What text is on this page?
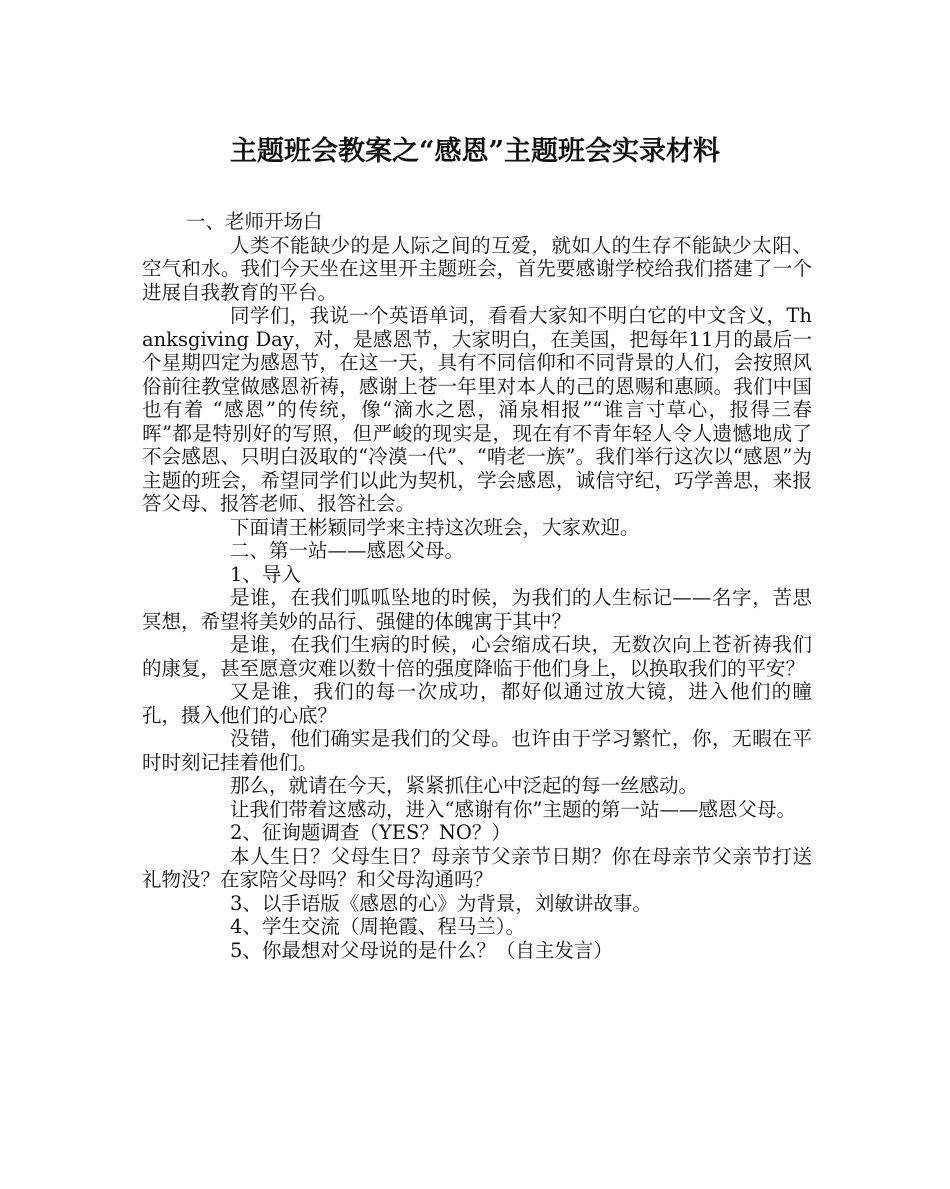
主题班会教案之“感恩”主题班会实录材料

一、老师开场白

人类不能缺少的是人际之间的互爱，就如人的生存不能缺少太阳、空气和水。我们今天坐在这里开主题班会，首先要感谢学校给我们搭建了一个进展自我教育的平台。

同学们，我说一个英语单词，看看大家知不明白它的中文含义，Thanksgiving Day，对，是感恩节，大家明白，在美国，把每年11月的最后一个星期四定为感恩节，在这一天，具有不同信仰和不同背景的人们，会按照风俗前往教堂做感恩祈祷，感谢上苍一年里对本人的己的恩赐和惠顾。我们中国也有着 “感恩”的传统，像“滴水之恩，涌泉相报”“谁言寸草心，报得三春晖”都是特别好的写照，但严峻的现实是，现在有不青年轻人令人遗憾地成了不会感恩、只明白汲取的“冷漠一代”、“啃老一族”。我们举行这次以“感恩”为主题的班会，希望同学们以此为契机，学会感恩，诚信守纪，巧学善思，来报答父母、报答老师、报答社会。

下面请王彬颖同学来主持这次班会，大家欢迎。

二、第一站——感恩父母。

1、导入

是谁，在我们呱呱坠地的时候，为我们的人生标记——名字，苦思冥想，希望将美妙的品行、强健的体魄寓于其中？

是谁，在我们生病的时候，心会缩成石块，无数次向上苍祈祷我们的康复，甚至愿意灾难以数十倍的强度降临于他们身上，以换取我们的平安？

又是谁，我们的每一次成功，都好似通过放大镜，进入他们的瞳孔，摄入他们的心底？

没错，他们确实是我们的父母。也许由于学习繁忙，你，无暇在平时时刻记挂着他们。

那么，就请在今天，紧紧抓住心中泛起的每一丝感动。

让我们带着这感动，进入“感谢有你”主题的第一站——感恩父母。

2、征询题调查（YES？NO？）

本人生日？父母生日？母亲节父亲节日期？你在母亲节父亲节打送礼物没？在家陪父母吗？和父母沟通吗？

3、以手语版《感恩的心》为背景，刘敏讲故事。

4、学生交流（周艳霞、程马兰）。

5、你最想对父母说的是什么？（自主发言）
